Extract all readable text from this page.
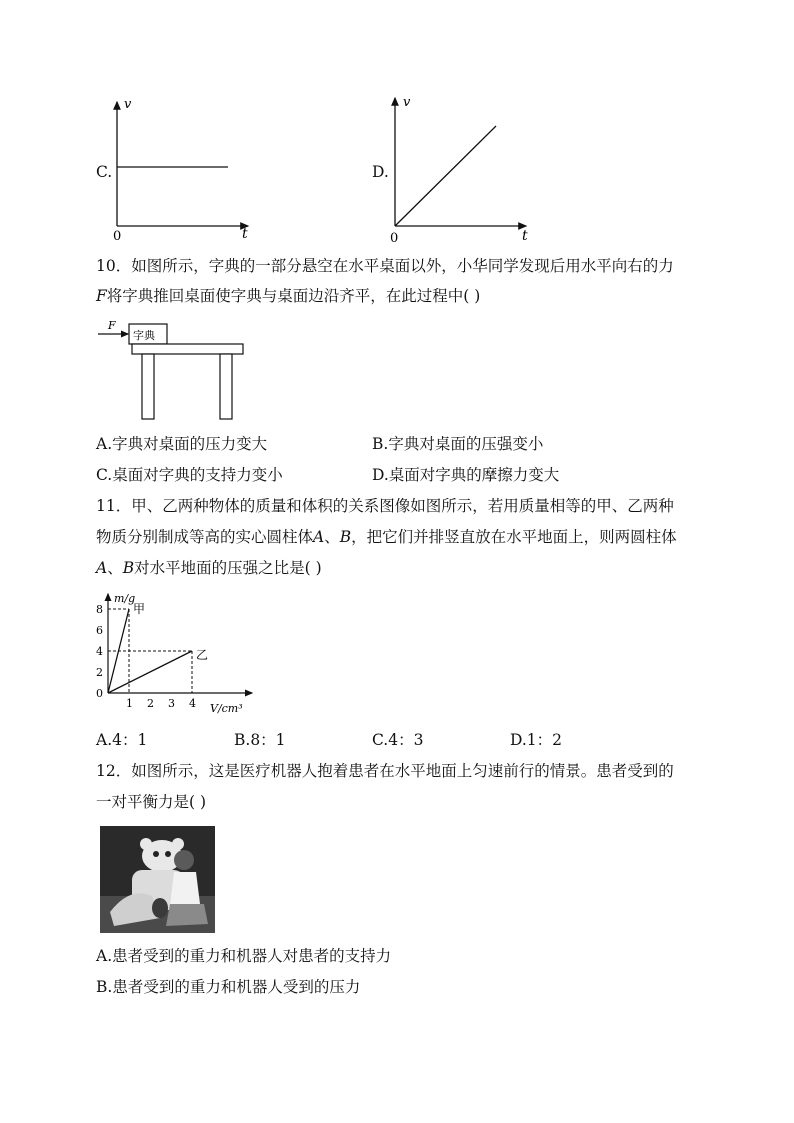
C.
v
t
0
D.
v
t
0
10．如图所示，字典的一部分悬空在水平桌面以外，小华同学发现后用水平向右的力
F将字典推回桌面使字典与桌面边沿齐平，在此过程中( )
F
字典
A.字典对桌面的压力变大	B.字典对桌面的压强变小
C.桌面对字典的支持力变小	D.桌面对字典的摩擦力变大
11．甲、乙两种物体的质量和体积的关系图像如图所示，若用质量相等的甲、乙两种
物质分别制成等高的实心圆柱体A、B，把它们并排竖直放在水平地面上，则两圆柱体
A、B对水平地面的压强之比是( )
m/g
V/cm³
0
2
4
6
8
1 2 3 4
甲
乙
A.4：1	B.8：1	C.4：3	D.1：2
12．如图所示，这是医疗机器人抱着患者在水平地面上匀速前行的情景。患者受到的
一对平衡力是( )
A.患者受到的重力和机器人对患者的支持力
B.患者受到的重力和机器人受到的压力
